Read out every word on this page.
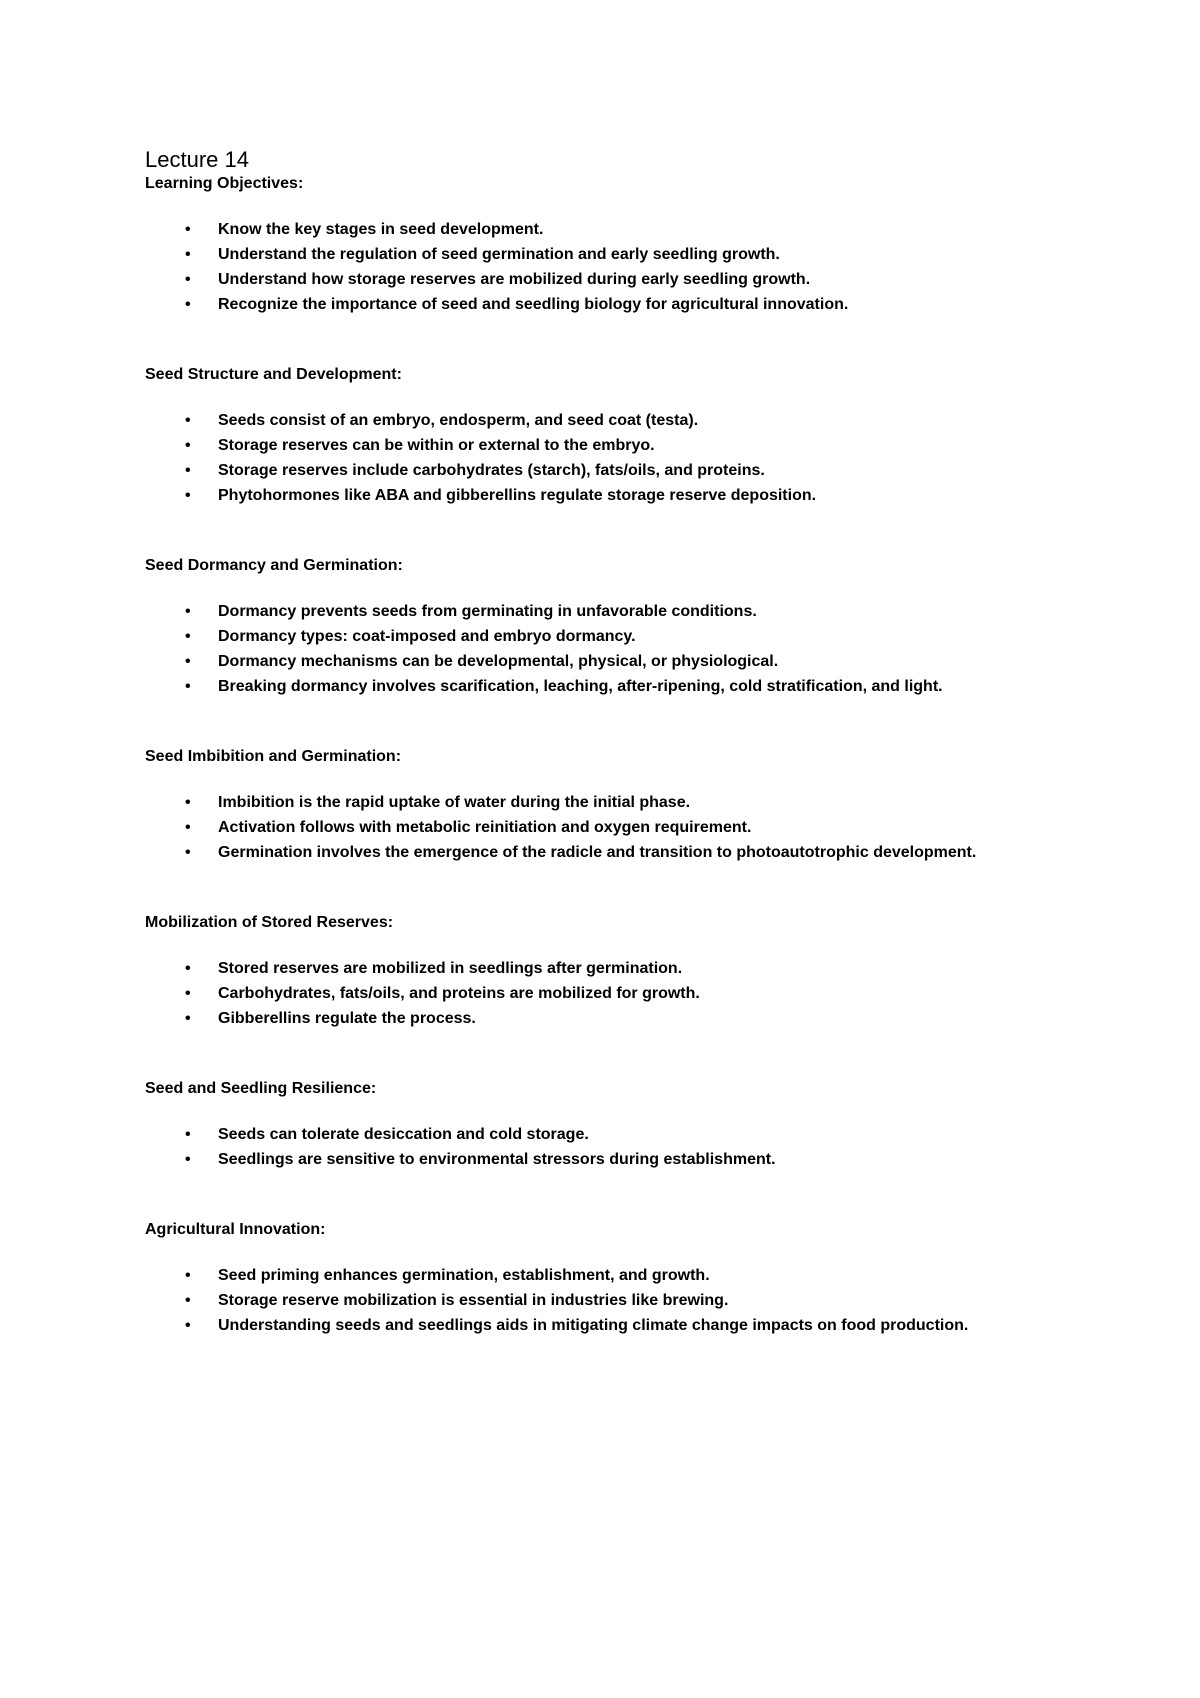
Lecture 14
Learning Objectives:
• Know the key stages in seed development.
• Understand the regulation of seed germination and early seedling growth.
• Understand how storage reserves are mobilized during early seedling growth.
• Recognize the importance of seed and seedling biology for agricultural innovation.
Seed Structure and Development:
• Seeds consist of an embryo, endosperm, and seed coat (testa).
• Storage reserves can be within or external to the embryo.
• Storage reserves include carbohydrates (starch), fats/oils, and proteins.
• Phytohormones like ABA and gibberellins regulate storage reserve deposition.
Seed Dormancy and Germination:
• Dormancy prevents seeds from germinating in unfavorable conditions.
• Dormancy types: coat-imposed and embryo dormancy.
• Dormancy mechanisms can be developmental, physical, or physiological.
• Breaking dormancy involves scarification, leaching, after-ripening, cold stratification, and light.
Seed Imbibition and Germination:
• Imbibition is the rapid uptake of water during the initial phase.
• Activation follows with metabolic reinitiation and oxygen requirement.
• Germination involves the emergence of the radicle and transition to photoautotrophic development.
Mobilization of Stored Reserves:
• Stored reserves are mobilized in seedlings after germination.
• Carbohydrates, fats/oils, and proteins are mobilized for growth.
• Gibberellins regulate the process.
Seed and Seedling Resilience:
• Seeds can tolerate desiccation and cold storage.
• Seedlings are sensitive to environmental stressors during establishment.
Agricultural Innovation:
• Seed priming enhances germination, establishment, and growth.
• Storage reserve mobilization is essential in industries like brewing.
• Understanding seeds and seedlings aids in mitigating climate change impacts on food production.
